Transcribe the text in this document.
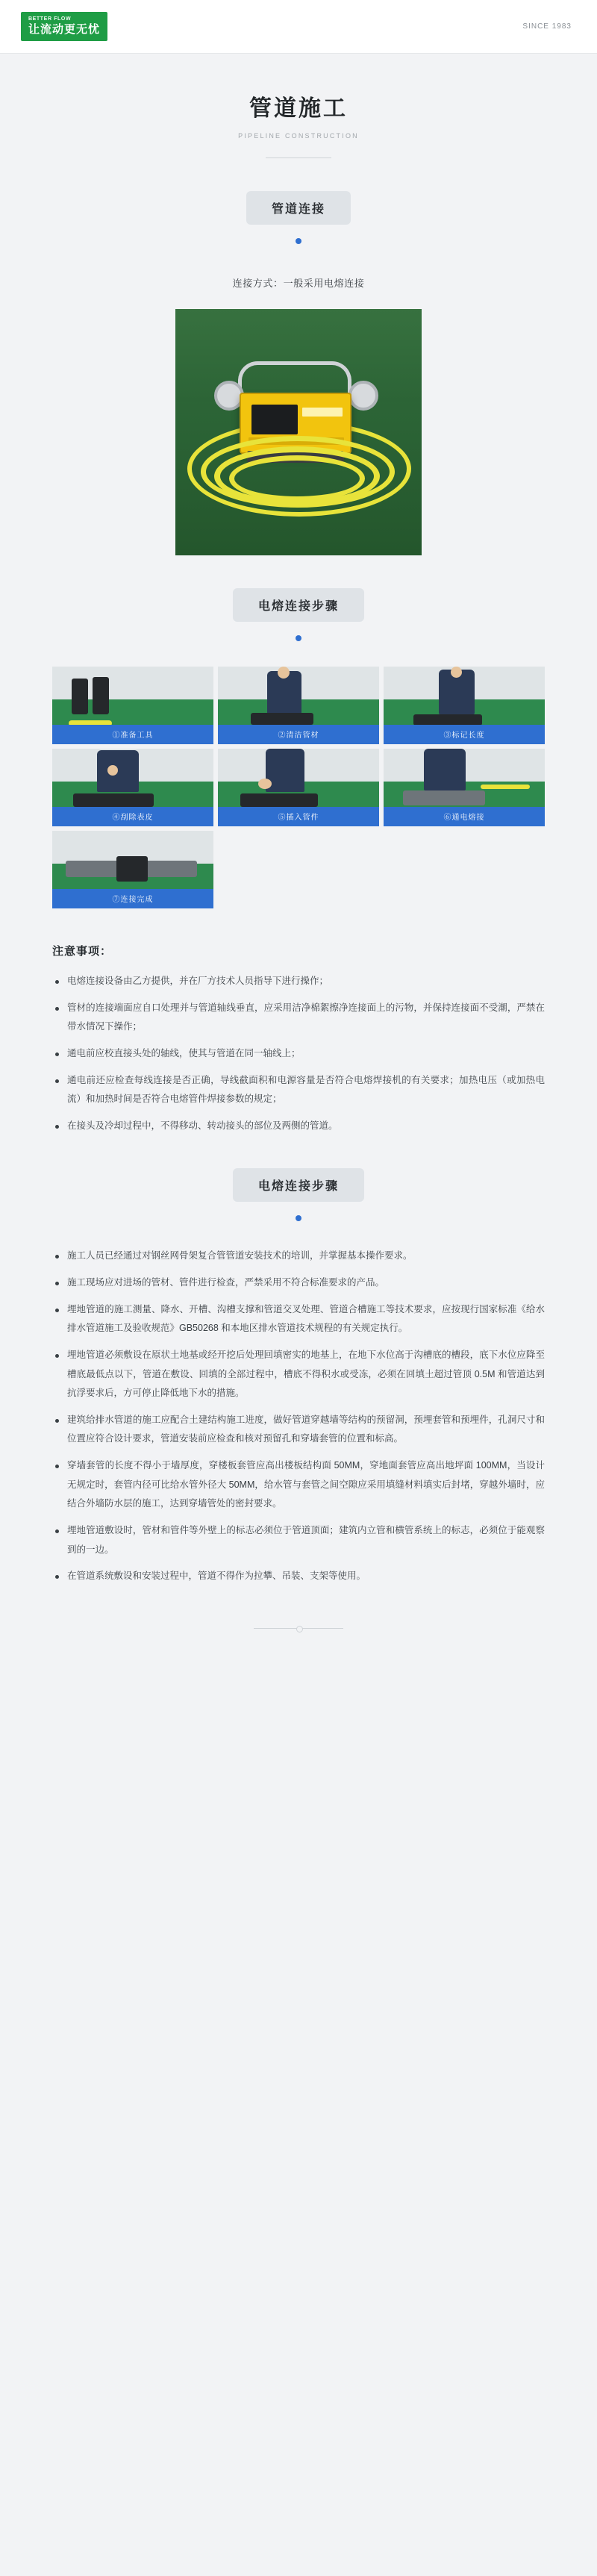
BETTER FLOW
让流动更无忧	SINCE 1983
管道施工
PIPELINE CONSTRUCTION
管道连接
连接方式：一般采用电熔连接
电熔连接步骤
①准备工具	②清洁管材	③标记长度
④刮除表皮	⑤插入管件	⑥通电熔接
⑦连接完成
注意事项：
电熔连接设备由乙方提供，并在厂方技术人员指导下进行操作；
管材的连接端面应自口处理并与管道轴线垂直，应采用洁净棉絮擦净连接面上的污物，并保持连接面不受潮，严禁在带水情况下操作；
通电前应校直接头处的轴线，使其与管道在同一轴线上；
通电前还应检查每线连接是否正确，导线截面积和电源容量是否符合电熔焊接机的有关要求；加热电压（或加热电流）和加热时间是否符合电熔管件焊接参数的规定；
在接头及冷却过程中，不得移动、转动接头的部位及两侧的管道。
电熔连接步骤
施工人员已经通过对钢丝网骨架复合管管道安装技术的培训，并掌握基本操作要求。
施工现场应对进场的管材、管件进行检查，严禁采用不符合标准要求的产品。
埋地管道的施工测量、降水、开槽、沟槽支撑和管道交叉处理、管道合槽施工等技术要求，应按现行国家标准《给水排水管道施工及验收规范》GB50268 和本地区排水管道技术规程的有关规定执行。
埋地管道必须敷设在原状土地基或经开挖后处理回填密实的地基上，在地下水位高于沟槽底的槽段，底下水位应降至槽底最低点以下，管道在敷设、回填的全部过程中，槽底不得积水或受冻，必须在回填土超过管顶 0.5M 和管道达到抗浮要求后，方可停止降低地下水的措施。
建筑给排水管道的施工应配合土建结构施工进度，做好管道穿越墙等结构的预留洞，预埋套管和预埋件，孔洞尺寸和位置应符合设计要求，管道安装前应检查和核对预留孔和穿墙套管的位置和标高。
穿墙套管的长度不得小于墙厚度，穿楼板套管应高出楼板结构面 50MM，穿地面套管应高出地坪面 100MM，当设计无规定时，套管内径可比给水管外径大 50MM，给水管与套管之间空隙应采用填缝材料填实后封堵，穿越外墙时，应结合外墙防水层的施工，达到穿墙管处的密封要求。
埋地管道敷设时，管材和管件等外壁上的标志必须位于管道顶面；建筑内立管和横管系统上的标志，必须位于能观察到的一边。
在管道系统敷设和安装过程中，管道不得作为拉攀、吊装、支架等使用。
